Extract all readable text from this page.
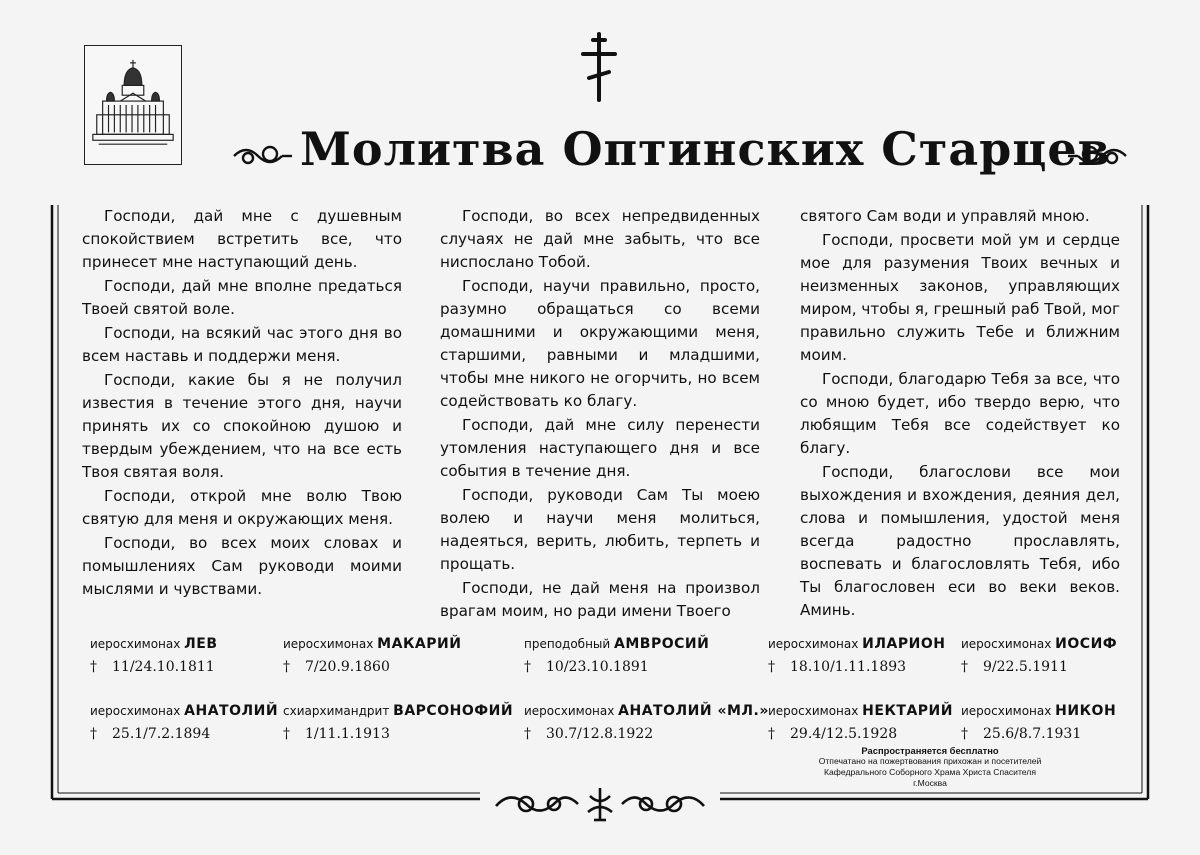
Молитва Оптинских Старцев

Господи, дай мне с душевным спокойствием встретить все, что принесет мне наступающий день.

Господи, дай мне вполне предаться Твоей святой воле.

Господи, на всякий час этого дня во всем наставь и поддержи меня.

Господи, какие бы я не получил известия в течение этого дня, научи принять их со спокойною душою и твердым убеждением, что на все есть Твоя святая воля.

Господи, открой мне волю Твою святую для меня и окружающих меня.

Господи, во всех моих словах и помышлениях Сам руководи моими мыслями и чувствами.

Господи, во всех непредвиденных случаях не дай мне забыть, что все ниспослано Тобой.

Господи, научи правильно, просто, разумно обращаться со всеми домашними и окружающими меня, старшими, равными и младшими, чтобы мне никого не огорчить, но всем содействовать ко благу.

Господи, дай мне силу перенести утомления наступающего дня и все события в течение дня.

Господи, руководи Сам Ты моею волею и научи меня молиться, надеяться, верить, любить, терпеть и прощать.

Господи, не дай меня на произвол врагам моим, но ради имени Твоего

святого Сам води и управляй мною.

Господи, просвети мой ум и сердце мое для разумения Твоих вечных и неизменных законов, управляющих миром, чтобы я, грешный раб Твой, мог правильно служить Тебе и ближним моим.

Господи, благодарю Тебя за все, что со мною будет, ибо твердо верю, что любящим Тебя все содействует ко благу.

Господи, благослови все мои выхождения и вхождения, деяния дел, слова и помышления, удостой меня всегда радостно прославлять, воспевать и благословлять Тебя, ибо Ты благословен еси во веки веков. Аминь.

иеросхимонах ЛЕВ
† 11/24.10.1811
иеросхимонах МАКАРИЙ
† 7/20.9.1860
преподобный АМВРОСИЙ
† 10/23.10.1891
иеросхимонах ИЛАРИОН
† 18.10/1.11.1893
иеросхимонах ИОСИФ
† 9/22.5.1911
иеросхимонах АНАТОЛИЙ
† 25.1/7.2.1894
схиархимандрит ВАРСОНОФИЙ
† 1/11.1.1913
иеросхимонах АНАТОЛИЙ «МЛ.»
† 30.7/12.8.1922
иеросхимонах НЕКТАРИЙ
† 29.4/12.5.1928
иеросхимонах НИКОН
† 25.6/8.7.1931
Распространяется бесплатно
Отпечатано на пожертвования прихожан и посетителей
Кафедрального Соборного Храма Христа Спасителя
г.Москва
